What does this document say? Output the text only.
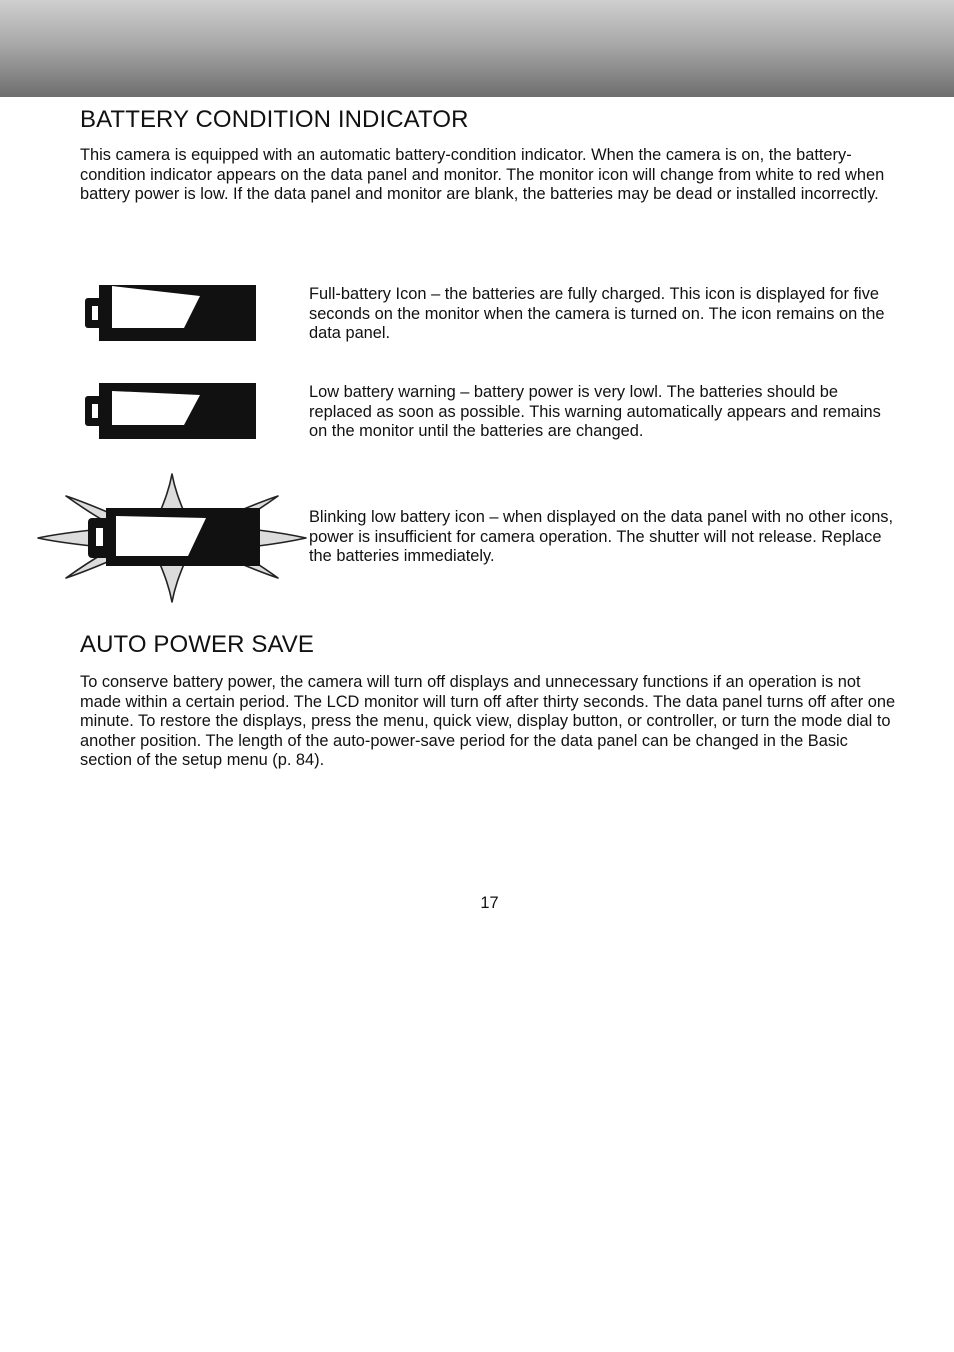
BATTERY CONDITION INDICATOR

This camera is equipped with an automatic battery-condition indicator. When the camera is on, the battery-condition indicator appears on the data panel and monitor. The monitor icon will change from white to red when battery power is low. If the data panel and monitor are blank, the batteries may be dead or installed incorrectly.

Full-battery Icon – the batteries are fully charged. This icon is displayed for five seconds on the monitor when the camera is turned on. The icon remains on the data panel.

Low battery warning – battery power is very lowl. The batteries should be replaced as soon as possible. This warning automatically appears and remains on the monitor until the batteries are changed.

Blinking low battery icon – when displayed on the data panel with no other icons, power is insufficient for camera operation. The shutter will not release. Replace the batteries immediately.

AUTO POWER SAVE

To conserve battery power, the camera will turn off displays and unnecessary functions if an operation is not made within a certain period. The LCD monitor will turn off after thirty seconds. The data panel turns off after one minute. To restore the displays, press the menu, quick view, display button, or controller, or turn the mode dial to another position. The length of the auto-power-save period for the data panel can be changed in the Basic section of the setup menu (p. 84).

17
